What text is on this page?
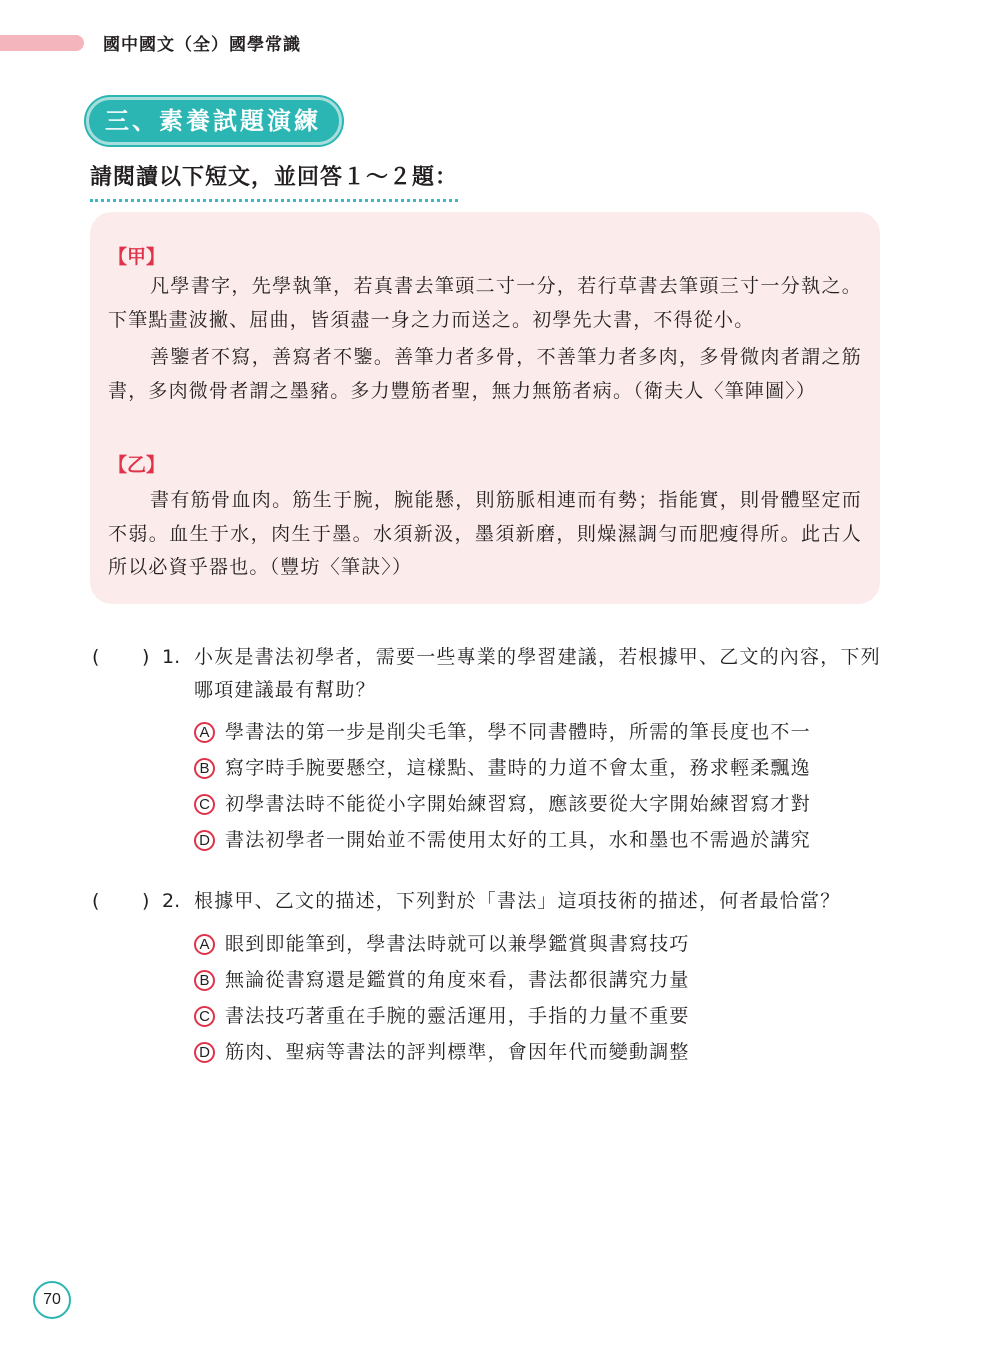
國中國文（全）國學常識
三、素養試題演練
請閱讀以下短文，並回答１～２題：
【甲】
凡學書字，先學執筆，若真書去筆頭二寸一分，若行草書去筆頭三寸一分執之。下筆點畫波撇、屈曲，皆須盡一身之力而送之。初學先大書，不得從小。
善鑒者不寫，善寫者不鑒。善筆力者多骨，不善筆力者多肉，多骨微肉者謂之筋書，多肉微骨者謂之墨豬。多力豐筋者聖，無力無筋者病。（衛夫人〈筆陣圖〉）
【乙】
書有筋骨血肉。筋生于腕，腕能懸，則筋脈相連而有勢；指能實，則骨體堅定而不弱。血生于水，肉生于墨。水須新汲，墨須新磨，則燥濕調勻而肥瘦得所。此古人所以必資乎器也。（豐坊〈筆訣〉）
( ) 1. 小灰是書法初學者，需要一些專業的學習建議，若根據甲、乙文的內容，下列哪項建議最有幫助？
A 學書法的第一步是削尖毛筆，學不同書體時，所需的筆長度也不一
B 寫字時手腕要懸空，這樣點、畫時的力道不會太重，務求輕柔飄逸
C 初學書法時不能從小字開始練習寫，應該要從大字開始練習寫才對
D 書法初學者一開始並不需使用太好的工具，水和墨也不需過於講究
( ) 2. 根據甲、乙文的描述，下列對於「書法」這項技術的描述，何者最恰當？
A 眼到即能筆到，學書法時就可以兼學鑑賞與書寫技巧
B 無論從書寫還是鑑賞的角度來看，書法都很講究力量
C 書法技巧著重在手腕的靈活運用，手指的力量不重要
D 筋肉、聖病等書法的評判標準，會因年代而變動調整
70
